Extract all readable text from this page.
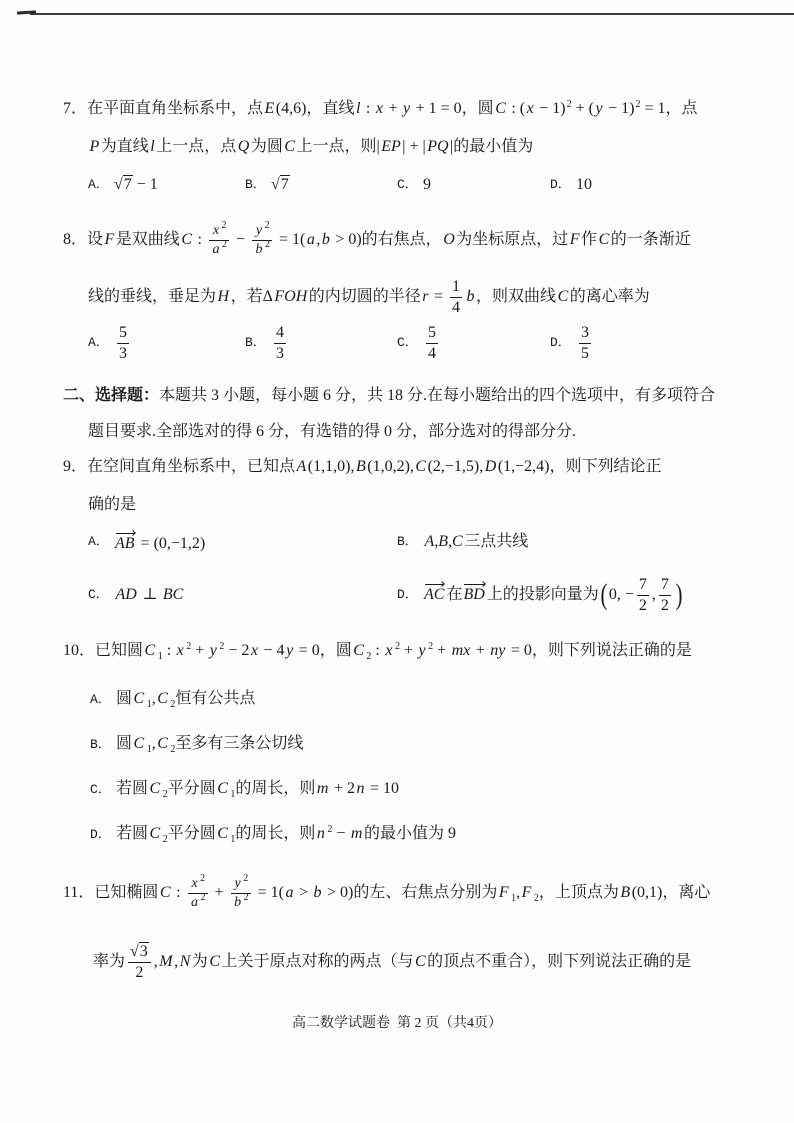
7．在平面直角坐标系中，点E(4,6)，直线l : x + y + 1 = 0，圆C : $(x - 1)^2 + (y - 1)^2 = 1$，点
P为直线l上一点，点Q为圆C上一点，则|EP| + |PQ|的最小值为
A． √7 − 1	B． √7	C． 9	D． 10
8．设F是双曲线C : $\frac{x ^2}{a ^2} - \frac{y ^2}{b ^2} = 1(a,b > 0)$的右焦点，O为坐标原点，过F作C的一条渐近
线的垂线，垂足为H，若ΔFOH的内切圆的半径$r = \frac{1}{4}$ b，则双曲线C的离心率为
A． $\frac{5}{3}$	B． $\frac{4}{3}$	C． $\frac{5}{4}$	D． $\frac{3}{5}$
二、选择题：本题共 3 小题，每小题 6 分，共 18 分.在每小题给出的四个选项中，有多项符合
题目要求.全部选对的得 6 分，有选错的得 0 分，部分选对的得部分分.
9．在空间直角坐标系中，已知点A(1,1,0),B(1,0,2),C(2,−1,5),D(1,−2,4)，则下列结论正
确的是
A． AB = (0,−1,2)	B． A,B,C三点共线
C． AD ⊥ BC	D． AC 在BD 上的投影向量为(0, − $\frac{7}{2}$ , $\frac{7}{2}$ )
10．已知圆C $_1$ : x $^2$ + y $^2$ − 2x − 4y = 0，圆C $_2$ : x $^2$ + y $^2$ + mx + ny = 0，则下列说法正确的是
A． 圆C $_1$,C $_2$恒有公共点
B． 圆C $_1$,C $_2$至多有三条公切线
C． 若圆C $_2$平分圆C $_1$的周长，则m + 2n = 10
D． 若圆C $_2$平分圆C $_1$的周长，则n $^2$ − m的最小值为 9
11．已知椭圆C : $\frac{x ^2}{a ^2} + \frac{y ^2}{b ^2} = 1(a > b > 0)$的左、右焦点分别为F $_1$,F $_2$，上顶点为B(0,1)，离心
率为 $\frac{√3}{2} ,M,N$为C上关于原点对称的两点（与C的顶点不重合），则下列说法正确的是
高二数学试题卷  第 2 页（共4页）
